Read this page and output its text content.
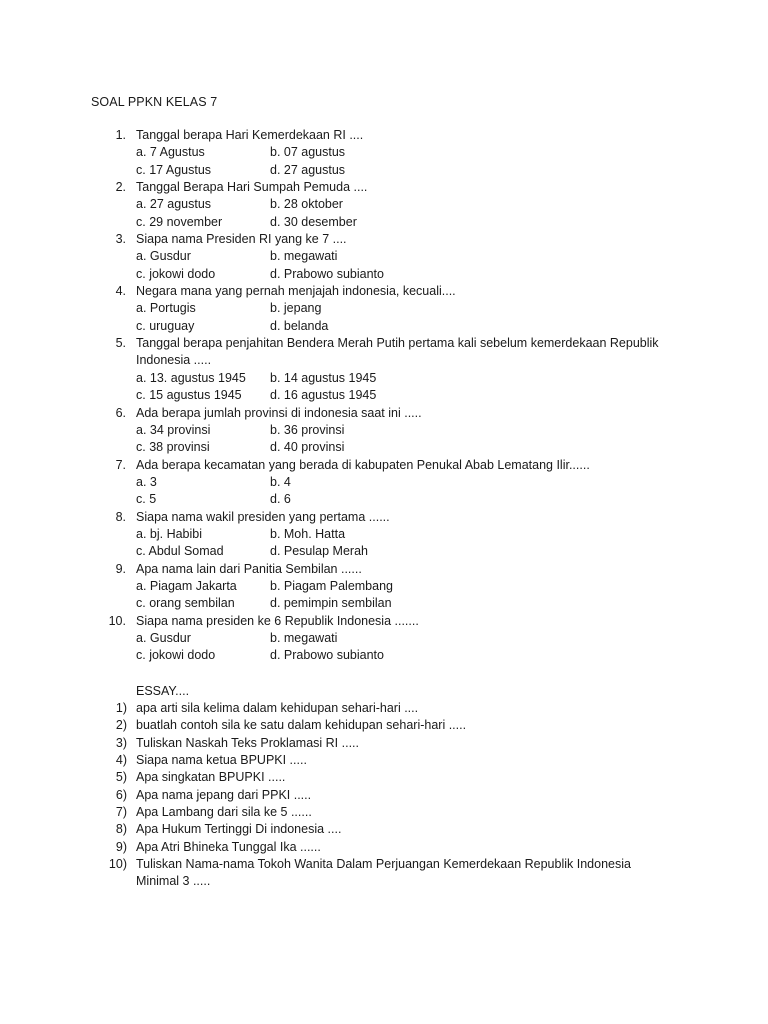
SOAL PPKN KELAS 7
1. Tanggal berapa Hari Kemerdekaan RI ....
a. 7 Agustus	b. 07 agustus
c. 17 Agustus	d. 27 agustus
2. Tanggal Berapa Hari Sumpah Pemuda ....
a. 27 agustus	b. 28 oktober
c. 29 november	d. 30 desember
3. Siapa nama Presiden RI yang ke 7 ....
a. Gusdur	b. megawati
c. jokowi dodo	d. Prabowo subianto
4. Negara mana yang pernah menjajah indonesia, kecuali....
a. Portugis	b. jepang
c. uruguay	d. belanda
5. Tanggal berapa penjahitan Bendera Merah Putih pertama kali sebelum kemerdekaan Republik
Indonesia .....
a. 13. agustus 1945 b. 14 agustus 1945
c. 15 agustus 1945 d. 16 agustus 1945
6. Ada berapa jumlah provinsi di indonesia saat ini .....
a. 34 provinsi	b. 36 provinsi
c. 38 provinsi	d. 40 provinsi
7. Ada berapa kecamatan yang berada di kabupaten Penukal Abab Lematang Ilir......
a. 3	b. 4
c. 5	d. 6
8. Siapa nama wakil presiden yang pertama ......
a. bj. Habibi	b. Moh. Hatta
c. Abdul Somad	d. Pesulap Merah
9. Apa nama lain dari Panitia Sembilan ......
a. Piagam Jakarta	b. Piagam Palembang
c. orang sembilan	d. pemimpin sembilan
10. Siapa nama presiden ke 6 Republik Indonesia .......
a. Gusdur	b. megawati
c. jokowi dodo	d. Prabowo subianto
ESSAY....
1) apa arti sila kelima dalam kehidupan sehari-hari ....
2) buatlah contoh sila ke satu dalam kehidupan sehari-hari .....
3) Tuliskan Naskah Teks Proklamasi RI .....
4) Siapa nama ketua BPUPKI .....
5) Apa singkatan BPUPKI .....
6) Apa nama jepang dari PPKI .....
7) Apa Lambang dari sila ke 5 ......
8) Apa Hukum Tertinggi Di indonesia ....
9) Apa Atri Bhineka Tunggal Ika ......
10) Tuliskan Nama-nama Tokoh Wanita Dalam Perjuangan Kemerdekaan Republik Indonesia
Minimal 3 .....
